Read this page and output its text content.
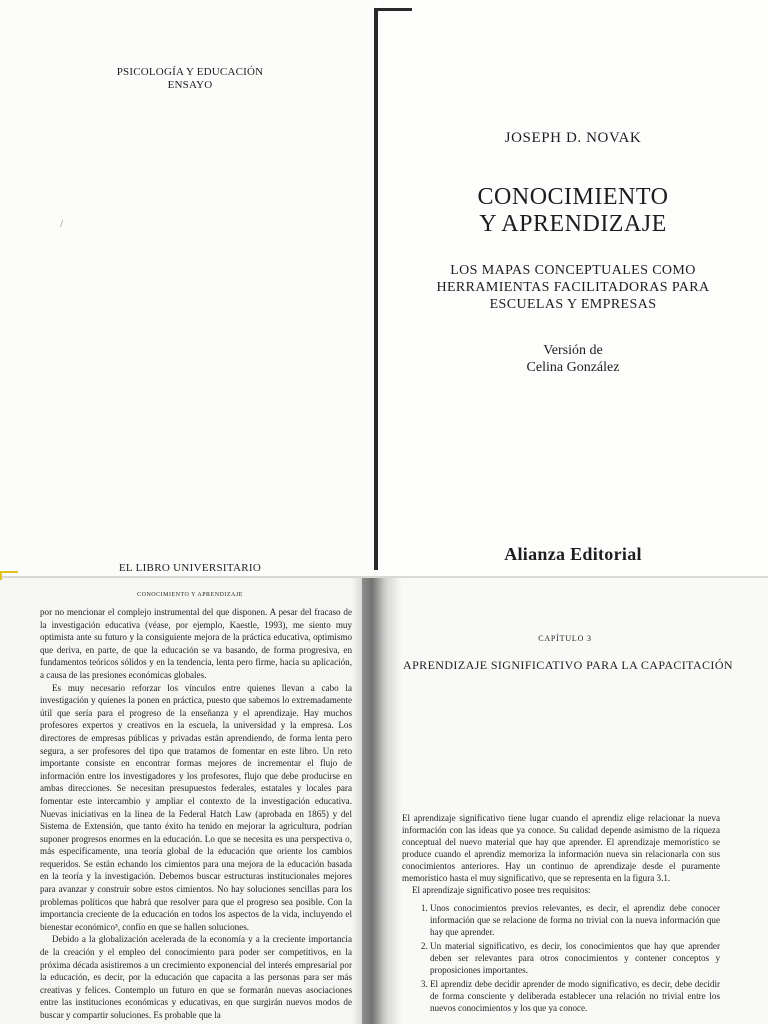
PSICOLOGÍA Y EDUCACIÓN
ENSAYO
/
EL LIBRO UNIVERSITARIO
JOSEPH D. NOVAK
CONOCIMIENTO
Y APRENDIZAJE
LOS MAPAS CONCEPTUALES COMO
HERRAMIENTAS FACILITADORAS PARA
ESCUELAS Y EMPRESAS
Versión de
Celina González
Alianza Editorial
CONOCIMIENTO Y APRENDIZAJE

por no mencionar el complejo instrumental del que disponen. A pesar del fracaso de la investigación educativa (véase, por ejemplo, Kaestle, 1993), me siento muy optimista ante su futuro y la consiguiente mejora de la práctica educativa, optimismo que deriva, en parte, de que la educación se va basando, de forma progresiva, en fundamentos teóricos sólidos y en la tendencia, lenta pero firme, hacia su aplicación, a causa de las presiones económicas globales.

Es muy necesario reforzar los vínculos entre quienes llevan a cabo la investigación y quienes la ponen en práctica, puesto que sabemos lo extremadamente útil que sería para el progreso de la enseñanza y el aprendizaje. Hay muchos profesores expertos y creativos en la escuela, la universidad y la empresa. Los directores de empresas públicas y privadas están aprendiendo, de forma lenta pero segura, a ser profesores del tipo que tratamos de fomentar en este libro. Un reto importante consiste en encontrar formas mejores de incrementar el flujo de información entre los investigadores y los profesores, flujo que debe producirse en ambas direcciones. Se necesitan presupuestos federales, estatales y locales para fomentar este intercambio y ampliar el contexto de la investigación educativa. Nuevas iniciativas en la línea de la Federal Hatch Law (aprobada en 1865) y del Sistema de Extensión, que tanto éxito ha tenido en mejorar la agricultura, podrían suponer progresos enormes en la educación. Lo que se necesita es una perspectiva o, más específicamente, una teoría global de la educación que oriente los cambios requeridos. Se están echando los cimientos para una mejora de la educación basada en la teoría y la investigación. Debemos buscar estructuras institucionales mejores para avanzar y construir sobre estos cimientos. No hay soluciones sencillas para los problemas políticos que habrá que resolver para que el progreso sea posible. Con la importancia creciente de la educación en todos los aspectos de la vida, incluyendo el bienestar económico³, confío en que se hallen soluciones.

Debido a la globalización acelerada de la economía y a la creciente importancia de la creación y el empleo del conocimiento para poder ser competitivos, en la próxima década asistiremos a un crecimiento exponencial del interés empresarial por la educación, es decir, por la educación que capacita a las personas para ser más creativas y felices. Contemplo un futuro en que se formarán nuevas asociaciones entre las instituciones económicas y educativas, en que surgirán nuevos modos de buscar y compartir soluciones. Es probable que la

CAPÍTULO 3
APRENDIZAJE SIGNIFICATIVO PARA LA CAPACITACIÓN

El aprendizaje significativo tiene lugar cuando el aprendiz elige relacionar la nueva información con las ideas que ya conoce. Su calidad depende asimismo de la riqueza conceptual del nuevo material que hay que aprender. El aprendizaje memorístico se produce cuando el aprendiz memoriza la información nueva sin relacionarla con sus conocimientos anteriores. Hay un continuo de aprendizaje desde el puramente memorístico hasta el muy significativo, que se representa en la figura 3.1.

El aprendizaje significativo posee tres requisitos:

1. Unos conocimientos previos relevantes, es decir, el aprendiz debe conocer información que se relacione de forma no trivial con la nueva información que hay que aprender.
2. Un material significativo, es decir, los conocimientos que hay que aprender deben ser relevantes para otros conocimientos y contener conceptos y proposiciones importantes.
3. El aprendiz debe decidir aprender de modo significativo, es decir, debe decidir de forma consciente y deliberada establecer una relación no trivial entre los nuevos conocimientos y los que ya conoce.
